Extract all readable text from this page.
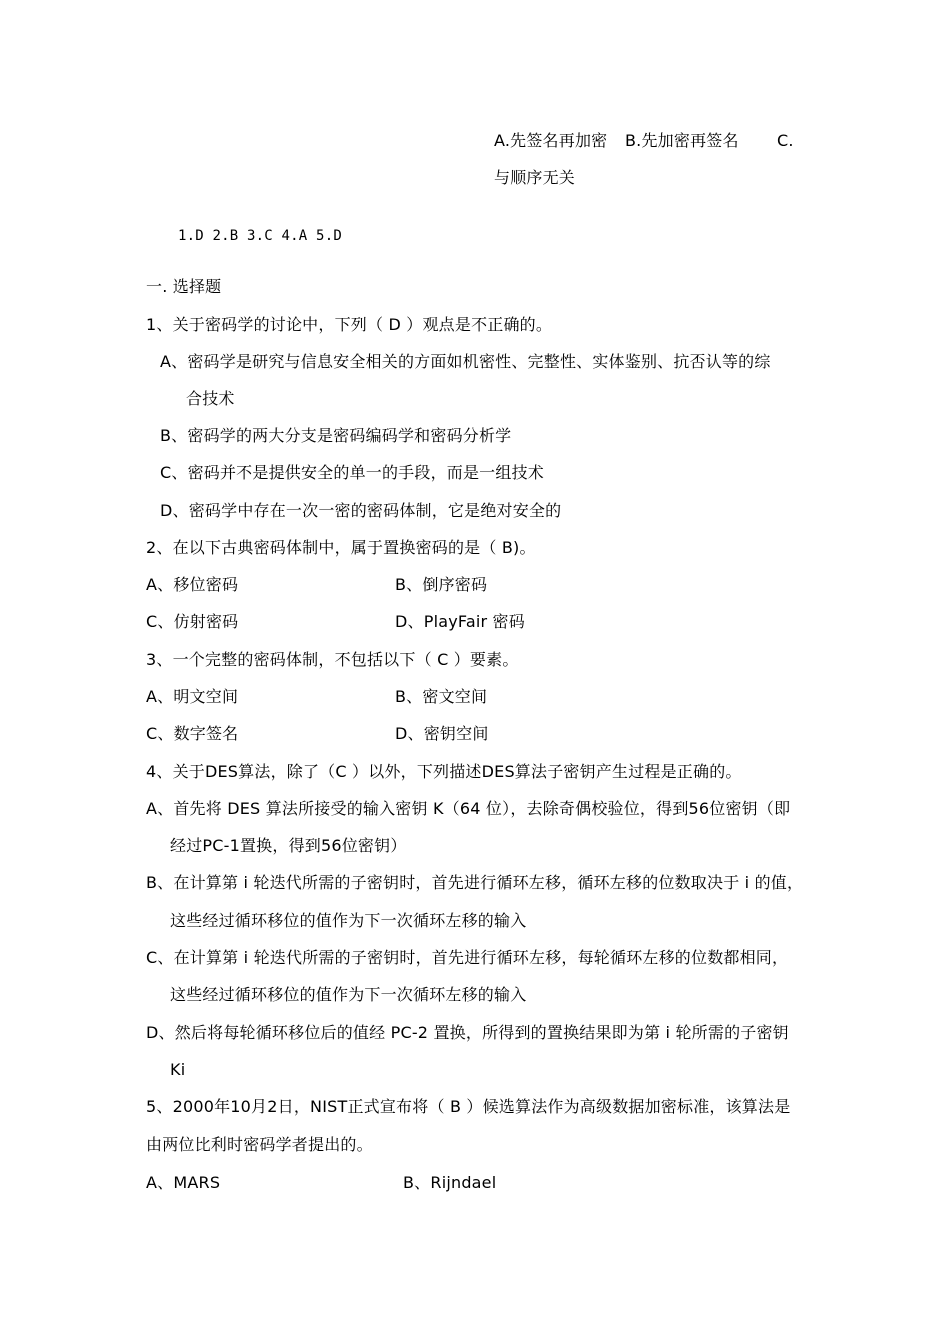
A.先签名再加密 B.先加密再签名 C.
与顺序无关
1.D 2.B 3.C 4.A 5.D
一. 选择题
1、关于密码学的讨论中，下列（ D ）观点是不正确的。
A、密码学是研究与信息安全相关的方面如机密性、完整性、实体鉴别、抗否认等的综
合技术
B、密码学的两大分支是密码编码学和密码分析学
C、密码并不是提供安全的单一的手段，而是一组技术
D、密码学中存在一次一密的密码体制，它是绝对安全的
2、在以下古典密码体制中，属于置换密码的是（ B)。
A、移位密码	B、倒序密码
C、仿射密码	D、PlayFair 密码
3、一个完整的密码体制，不包括以下（ C ）要素。
A、明文空间	B、密文空间
C、数字签名	D、密钥空间
4、关于DES算法，除了（C ）以外，下列描述DES算法子密钥产生过程是正确的。
A、首先将 DES 算法所接受的输入密钥 K（64 位），去除奇偶校验位，得到56位密钥（即
经过PC-1置换，得到56位密钥）
B、在计算第 i 轮迭代所需的子密钥时，首先进行循环左移，循环左移的位数取决于 i 的值，
这些经过循环移位的值作为下一次循环左移的输入
C、在计算第 i 轮迭代所需的子密钥时，首先进行循环左移，每轮循环左移的位数都相同，
这些经过循环移位的值作为下一次循环左移的输入
D、然后将每轮循环移位后的值经 PC-2 置换，所得到的置换结果即为第 i 轮所需的子密钥
Ki
5、2000年10月2日，NIST正式宣布将（ B ）候选算法作为高级数据加密标准，该算法是
由两位比利时密码学者提出的。
A、MARS	B、Rijndael
